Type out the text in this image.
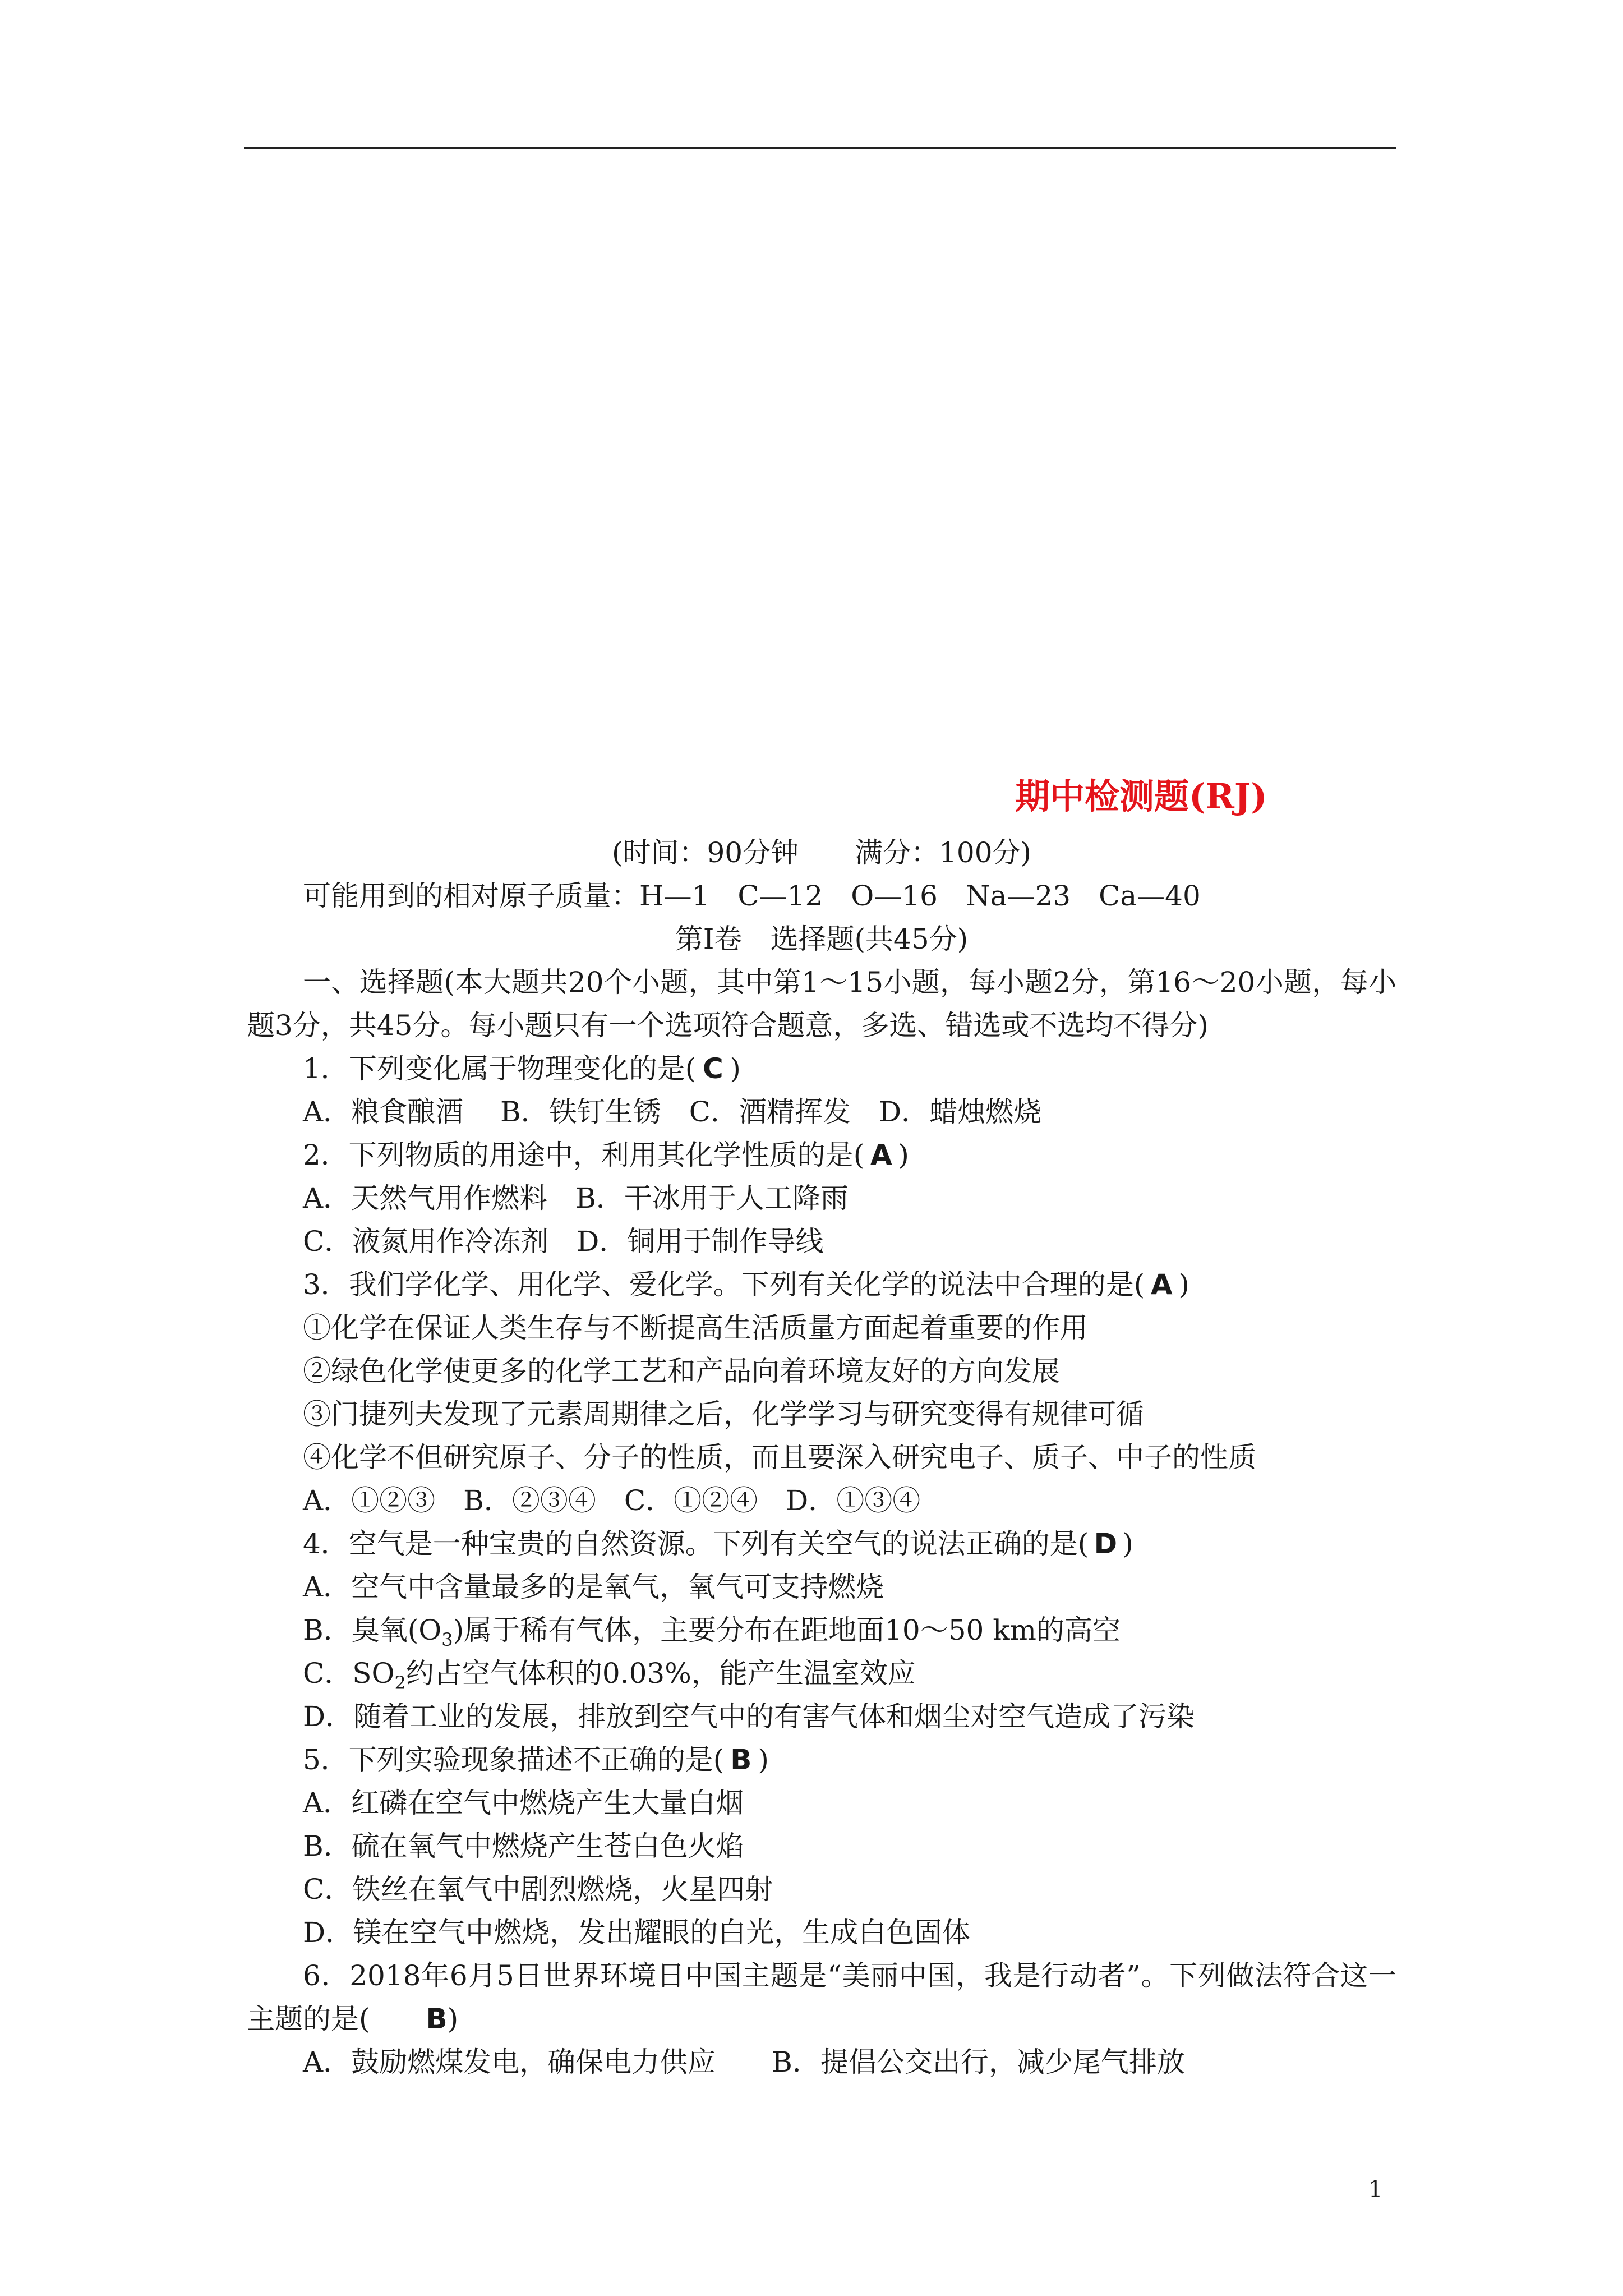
期中检测题(RJ)
(时间：90分钟　　满分：100分)
可能用到的相对原子质量：H—1　C—12　O—16　Na—23　Ca—40
第Ⅰ卷　选择题(共45分)
一、选择题(本大题共20个小题，其中第1～15小题，每小题2分，第16～20小题，每小题3分，共45分。每小题只有一个选项符合题意，多选、错选或不选均不得分)
1．下列变化属于物理变化的是( C )
A．粮食酿酒　 B．铁钉生锈　C．酒精挥发　D．蜡烛燃烧
2．下列物质的用途中，利用其化学性质的是( A )
A．天然气用作燃料　B．干冰用于人工降雨
C．液氮用作冷冻剂　D．铜用于制作导线
3．我们学化学、用化学、爱化学。下列有关化学的说法中合理的是( A )
①化学在保证人类生存与不断提高生活质量方面起着重要的作用
②绿色化学使更多的化学工艺和产品向着环境友好的方向发展
③门捷列夫发现了元素周期律之后，化学学习与研究变得有规律可循
④化学不但研究原子、分子的性质，而且要深入研究电子、质子、中子的性质
A．①②③　B．②③④　C．①②④　D．①③④
4．空气是一种宝贵的自然资源。下列有关空气的说法正确的是( D )
A．空气中含量最多的是氧气，氧气可支持燃烧
B．臭氧$(O_3)$属于稀有气体，主要分布在距地面10～50 km的高空
C．$SO_2$约占空气体积的0.03%，能产生温室效应
D．随着工业的发展，排放到空气中的有害气体和烟尘对空气造成了污染
5．下列实验现象描述不正确的是( B )
A．红磷在空气中燃烧产生大量白烟
B．硫在氧气中燃烧产生苍白色火焰
C．铁丝在氧气中剧烈燃烧，火星四射
D．镁在空气中燃烧，发出耀眼的白光，生成白色固体
6．2018年6月5日世界环境日中国主题是“美丽中国，我是行动者”。下列做法符合这一主题的是( B)
A．鼓励燃煤发电，确保电力供应 B．提倡公交出行，减少尾气排放
1
